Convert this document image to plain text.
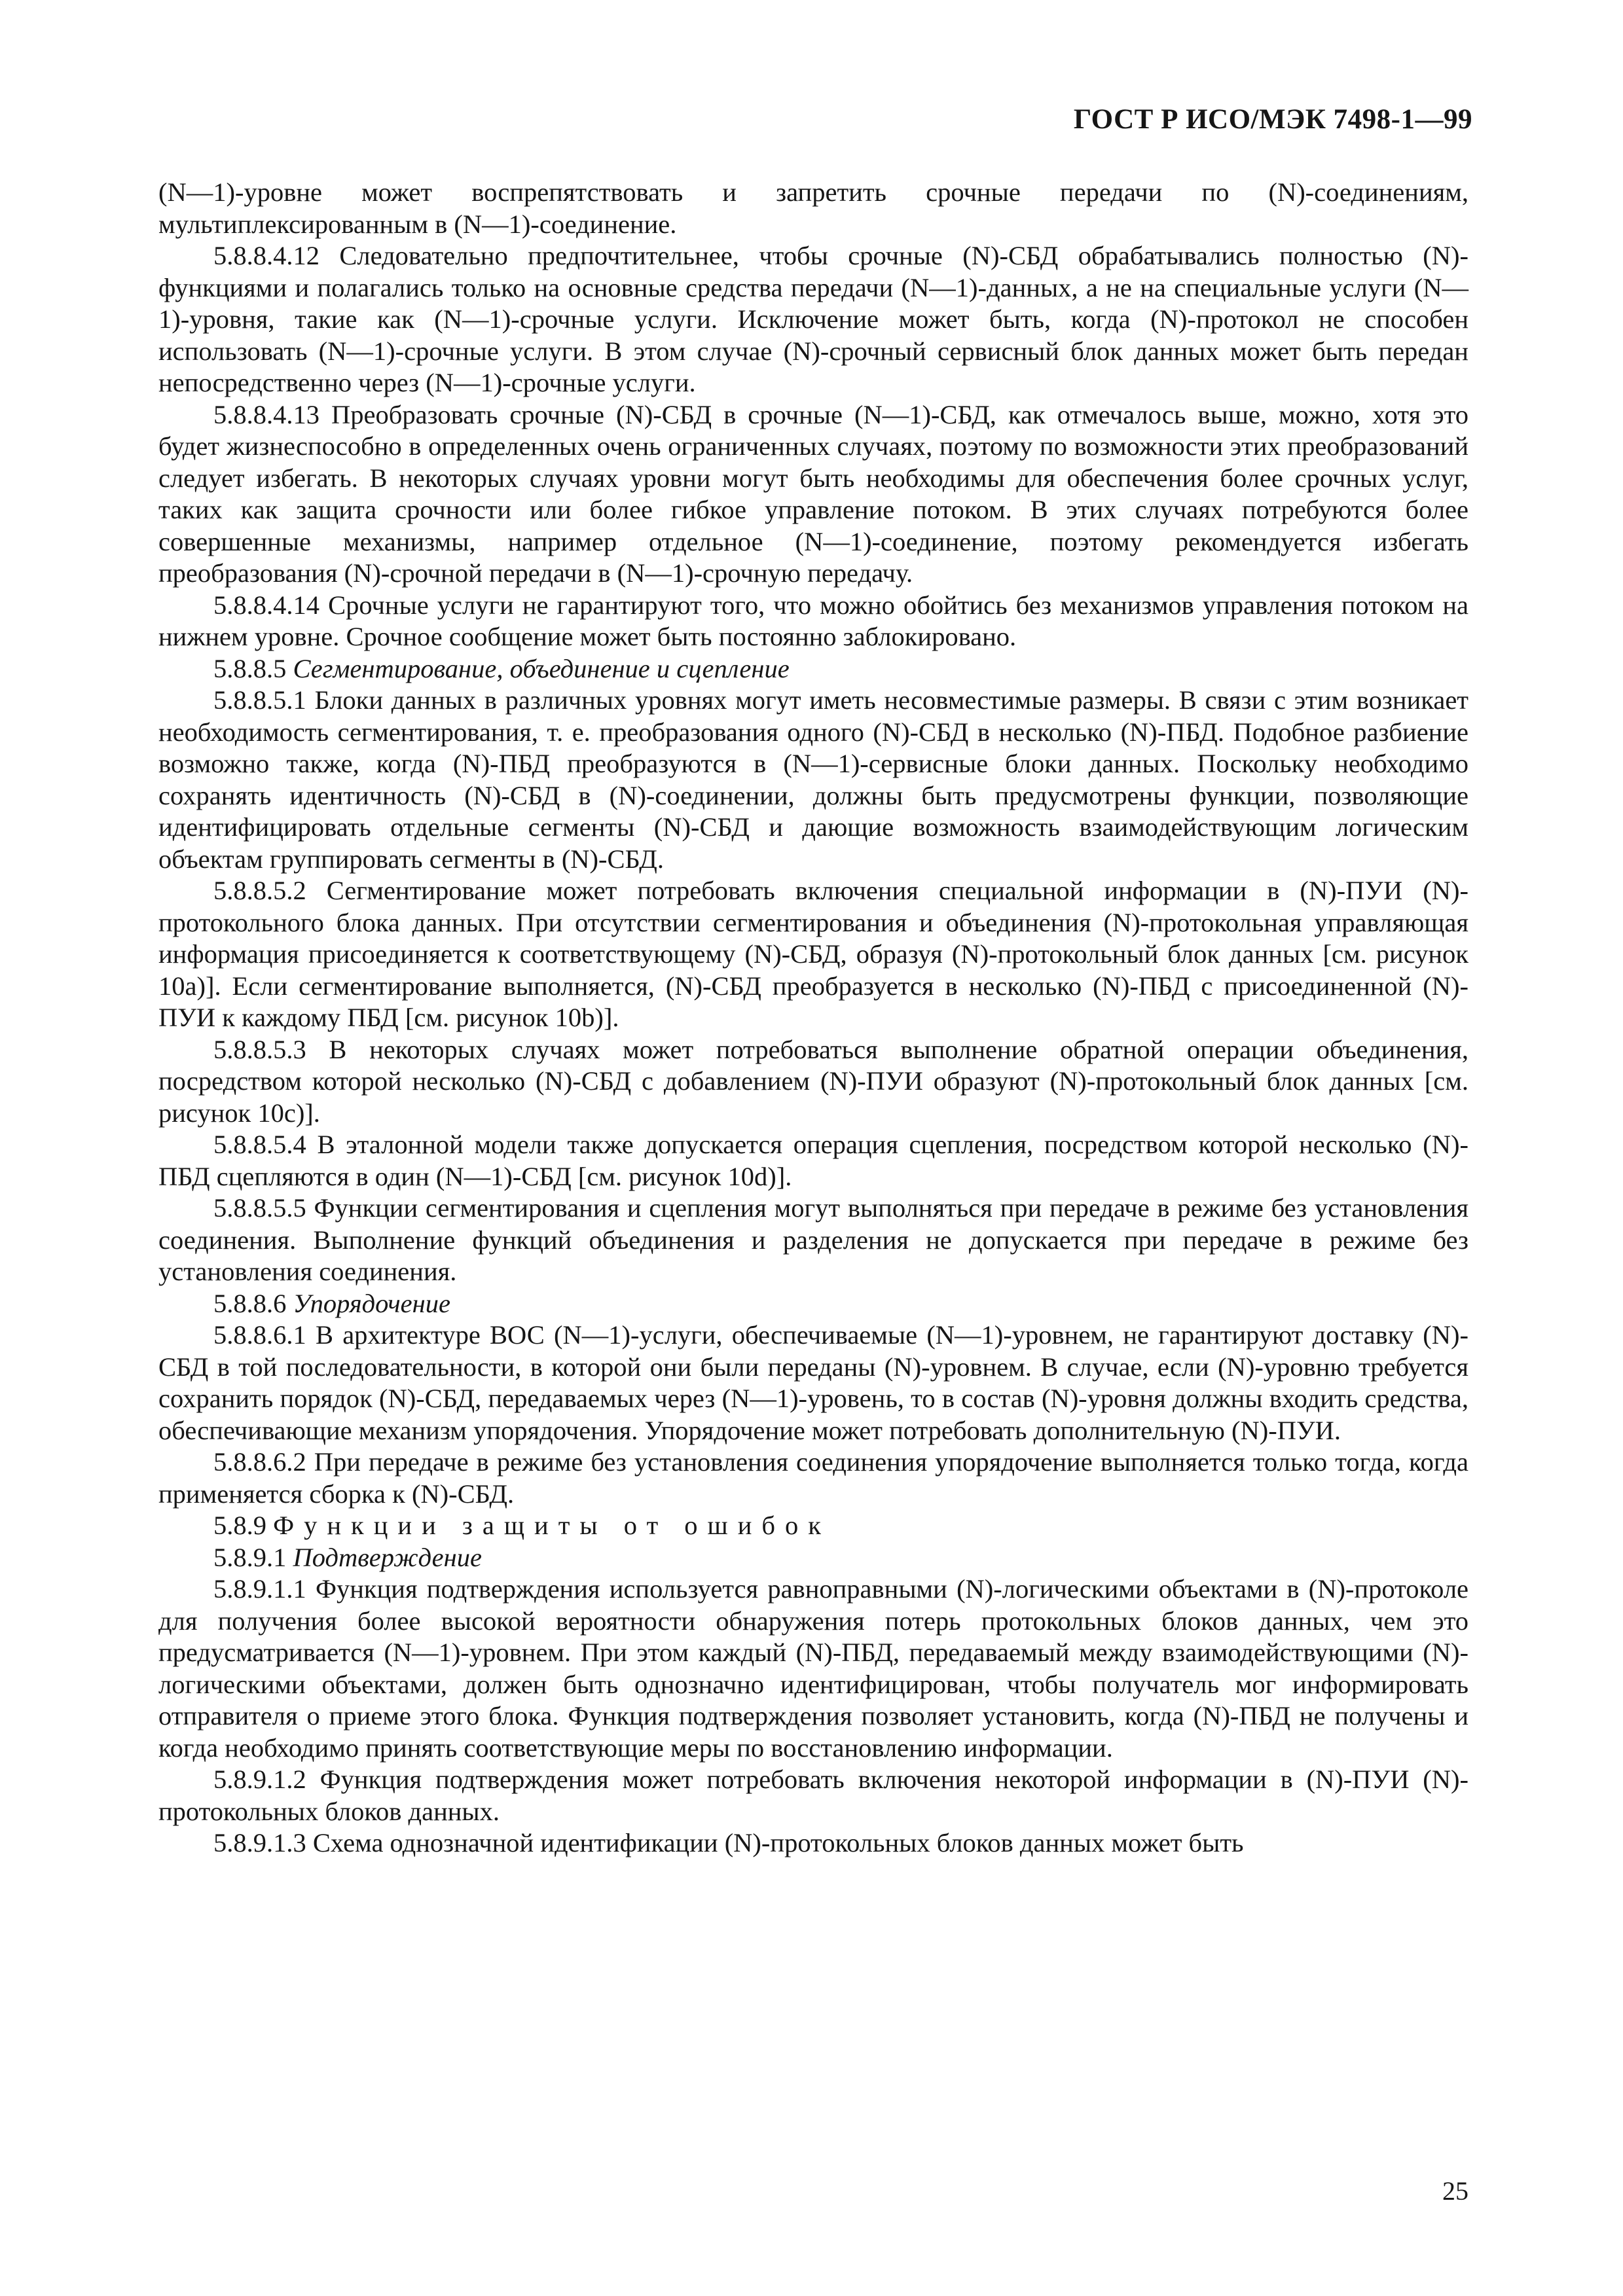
ГОСТ Р ИСО/МЭК 7498-1—99

(N—1)-уровне может воспрепятствовать и запретить срочные передачи по (N)-соединениям, мультиплексированным в (N—1)-соединение.

5.8.8.4.12 Следовательно предпочтительнее, чтобы срочные (N)-СБД обрабатывались полностью (N)-функциями и полагались только на основные средства передачи (N—1)-данных, а не на специальные услуги (N—1)-уровня, такие как (N—1)-срочные услуги. Исключение может быть, когда (N)-протокол не способен использовать (N—1)-срочные услуги. В этом случае (N)-срочный сервисный блок данных может быть передан непосредственно через (N—1)-срочные услуги.

5.8.8.4.13 Преобразовать срочные (N)-СБД в срочные (N—1)-СБД, как отмечалось выше, можно, хотя это будет жизнеспособно в определенных очень ограниченных случаях, поэтому по возможности этих преобразований следует избегать. В некоторых случаях уровни могут быть необходимы для обеспечения более срочных услуг, таких как защита срочности или более гибкое управление потоком. В этих случаях потребуются более совершенные механизмы, например отдельное (N—1)-соединение, поэтому рекомендуется избегать преобразования (N)-срочной передачи в (N—1)-срочную передачу.

5.8.8.4.14 Срочные услуги не гарантируют того, что можно обойтись без механизмов управления потоком на нижнем уровне. Срочное сообщение может быть постоянно заблокировано.

5.8.8.5 Сегментирование, объединение и сцепление

5.8.8.5.1 Блоки данных в различных уровнях могут иметь несовместимые размеры. В связи с этим возникает необходимость сегментирования, т. е. преобразования одного (N)-СБД в несколько (N)-ПБД. Подобное разбиение возможно также, когда (N)-ПБД преобразуются в (N—1)-сервисные блоки данных. Поскольку необходимо сохранять идентичность (N)-СБД в (N)-соединении, должны быть предусмотрены функции, позволяющие идентифицировать отдельные сегменты (N)-СБД и дающие возможность взаимодействующим логическим объектам группировать сегменты в (N)-СБД.

5.8.8.5.2 Сегментирование может потребовать включения специальной информации в (N)-ПУИ (N)-протокольного блока данных. При отсутствии сегментирования и объединения (N)-протокольная управляющая информация присоединяется к соответствующему (N)-СБД, образуя (N)-протокольный блок данных [см. рисунок 10а)]. Если сегментирование выполняется, (N)-СБД преобразуется в несколько (N)-ПБД с присоединенной (N)-ПУИ к каждому ПБД [см. рисунок 10b)].

5.8.8.5.3 В некоторых случаях может потребоваться выполнение обратной операции объединения, посредством которой несколько (N)-СБД с добавлением (N)-ПУИ образуют (N)-протокольный блок данных [см. рисунок 10c)].

5.8.8.5.4 В эталонной модели также допускается операция сцепления, посредством которой несколько (N)-ПБД сцепляются в один (N—1)-СБД [см. рисунок 10d)].

5.8.8.5.5 Функции сегментирования и сцепления могут выполняться при передаче в режиме без установления соединения. Выполнение функций объединения и разделения не допускается при передаче в режиме без установления соединения.

5.8.8.6 Упорядочение

5.8.8.6.1 В архитектуре ВОС (N—1)-услуги, обеспечиваемые (N—1)-уровнем, не гарантируют доставку (N)-СБД в той последовательности, в которой они были переданы (N)-уровнем. В случае, если (N)-уровню требуется сохранить порядок (N)-СБД, передаваемых через (N—1)-уровень, то в состав (N)-уровня должны входить средства, обеспечивающие механизм упорядочения. Упорядочение может потребовать дополнительную (N)-ПУИ.

5.8.8.6.2 При передаче в режиме без установления соединения упорядочение выполняется только тогда, когда применяется сборка к (N)-СБД.

5.8.9 Функции защиты от ошибок

5.8.9.1 Подтверждение

5.8.9.1.1 Функция подтверждения используется равноправными (N)-логическими объектами в (N)-протоколе для получения более высокой вероятности обнаружения потерь протокольных блоков данных, чем это предусматривается (N—1)-уровнем. При этом каждый (N)-ПБД, передаваемый между взаимодействующими (N)-логическими объектами, должен быть однозначно идентифицирован, чтобы получатель мог информировать отправителя о приеме этого блока. Функция подтверждения позволяет установить, когда (N)-ПБД не получены и когда необходимо принять соответствующие меры по восстановлению информации.

5.8.9.1.2 Функция подтверждения может потребовать включения некоторой информации в (N)-ПУИ (N)-протокольных блоков данных.

5.8.9.1.3 Схема однозначной идентификации (N)-протокольных блоков данных может быть

25
